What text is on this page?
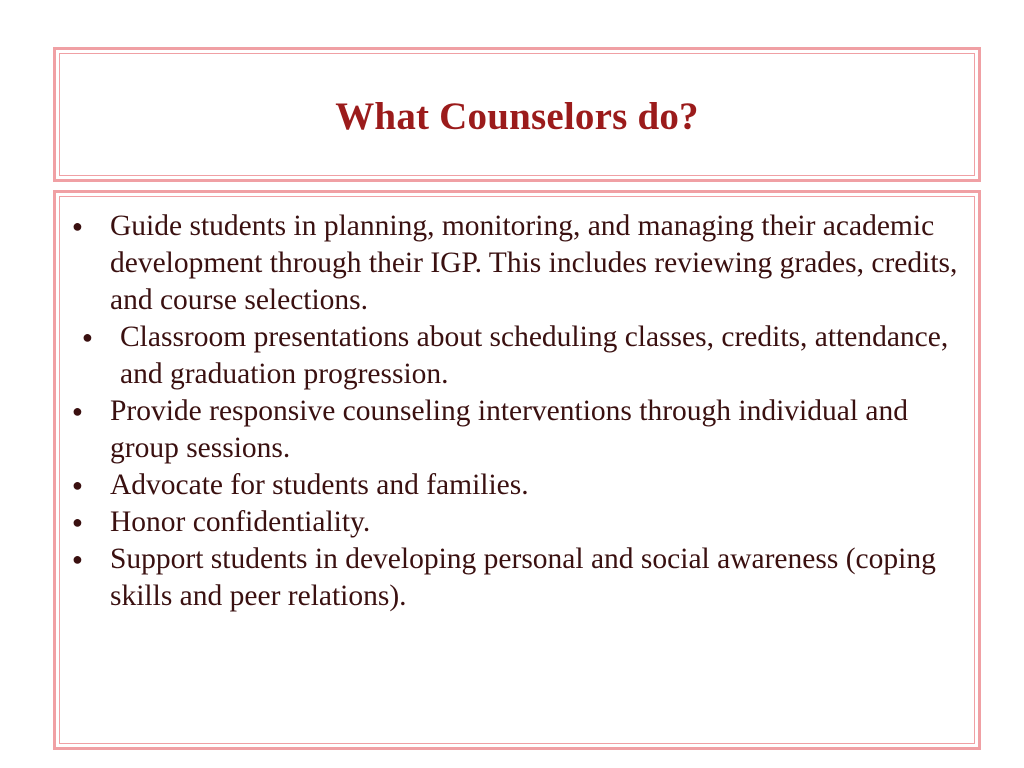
What Counselors do?
● Guide students in planning, monitoring, and managing their academic development through their IGP. This includes reviewing grades, credits, and course selections.
● Classroom presentations about scheduling classes, credits, attendance, and graduation progression.
● Provide responsive counseling interventions through individual and group sessions.
● Advocate for students and families.
● Honor confidentiality.
● Support students in developing personal and social awareness (coping skills and peer relations).
